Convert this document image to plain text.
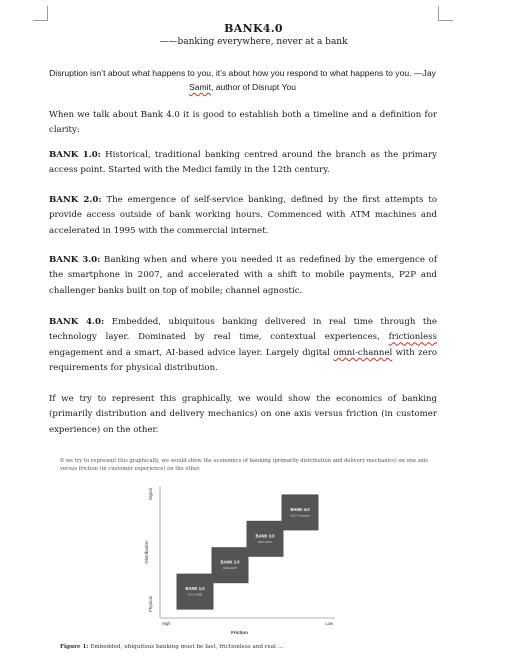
BANK4.0
——banking everywhere, never at a bank
Disruption isn’t about what happens to you, it’s about how you respond to what happens to you. —Jay Samit, author of Disrupt You

When we talk about Bank 4.0 it is good to establish both a timeline and a definition for clarity:

BANK 1.0: Historical, traditional banking centred around the branch as the primary access point. Started with the Medici family in the 12th century.

BANK 2.0: The emergence of self-service banking, defined by the first attempts to provide access outside of bank working hours. Commenced with ATM machines and accelerated in 1995 with the commercial internet.

BANK 3.0: Banking when and where you needed it as redefined by the emergence of the smartphone in 2007, and accelerated with a shift to mobile payments, P2P and challenger banks built on top of mobile; channel agnostic.

BANK 4.0: Embedded, ubiquitous banking delivered in real time through the technology layer. Dominated by real time, contextual experiences, frictionless engagement and a smart, AI-based advice layer. Largely digital omni-channel with zero requirements for physical distribution.

If we try to represent this graphically, we would show the economics of banking (primarily distribution and delivery mechanics) on one axis versus friction (in customer experience) on the other.

If we try to represent this graphically, we would show the economics of banking (primarily distribution and delivery mechanics) on one axis versus friction (in customer experience) on the other.
Physical
Digital
Distribution
High	Low
Friction
BANK 1.0
1472-1980
BANK 2.0
1980-2007
BANK 3.0
2007-2017
BANK 4.0
2017-Onwards
Figure 1: Embedded, ubiquitous banking must be fast, frictionless and real …
